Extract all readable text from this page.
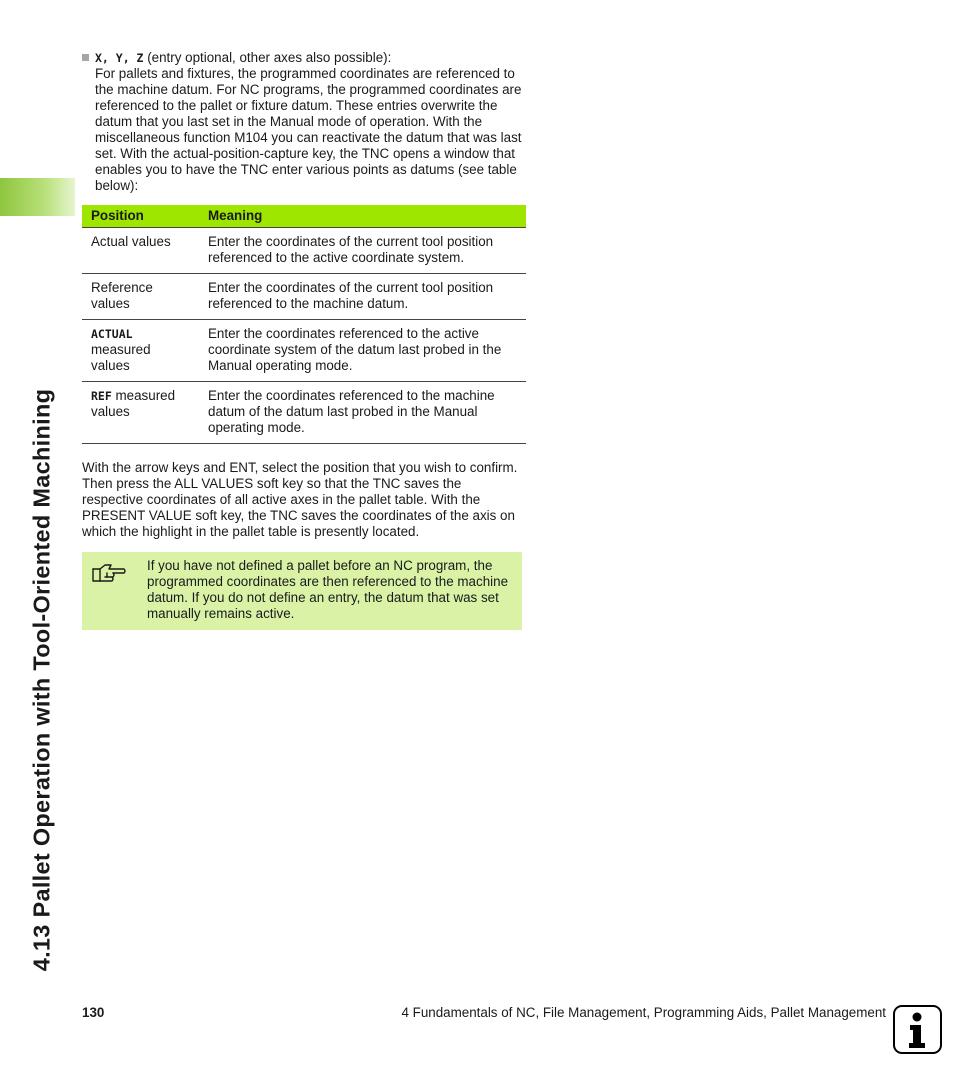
4.13 Pallet Operation with Tool-Oriented Machining
X, Y, Z (entry optional, other axes also possible):
For pallets and fixtures, the programmed coordinates are referenced to the machine datum. For NC programs, the programmed coordinates are referenced to the pallet or fixture datum. These entries overwrite the datum that you last set in the Manual mode of operation. With the miscellaneous function M104 you can reactivate the datum that was last set. With the actual-position-capture key, the TNC opens a window that enables you to have the TNC enter various points as datums (see table below):
Position	Meaning
Actual values	Enter the coordinates of the current tool position referenced to the active coordinate system.
Reference values	Enter the coordinates of the current tool position referenced to the machine datum.
ACTUAL measured values	Enter the coordinates referenced to the active coordinate system of the datum last probed in the Manual operating mode.
REF measured values	Enter the coordinates referenced to the machine datum of the datum last probed in the Manual operating mode.
With the arrow keys and ENT, select the position that you wish to confirm. Then press the ALL VALUES soft key so that the TNC saves the respective coordinates of all active axes in the pallet table. With the PRESENT VALUE soft key, the TNC saves the coordinates of the axis on which the highlight in the pallet table is presently located.
If you have not defined a pallet before an NC program, the programmed coordinates are then referenced to the machine datum. If you do not define an entry, the datum that was set manually remains active.
130	4 Fundamentals of NC, File Management, Programming Aids, Pallet Management
